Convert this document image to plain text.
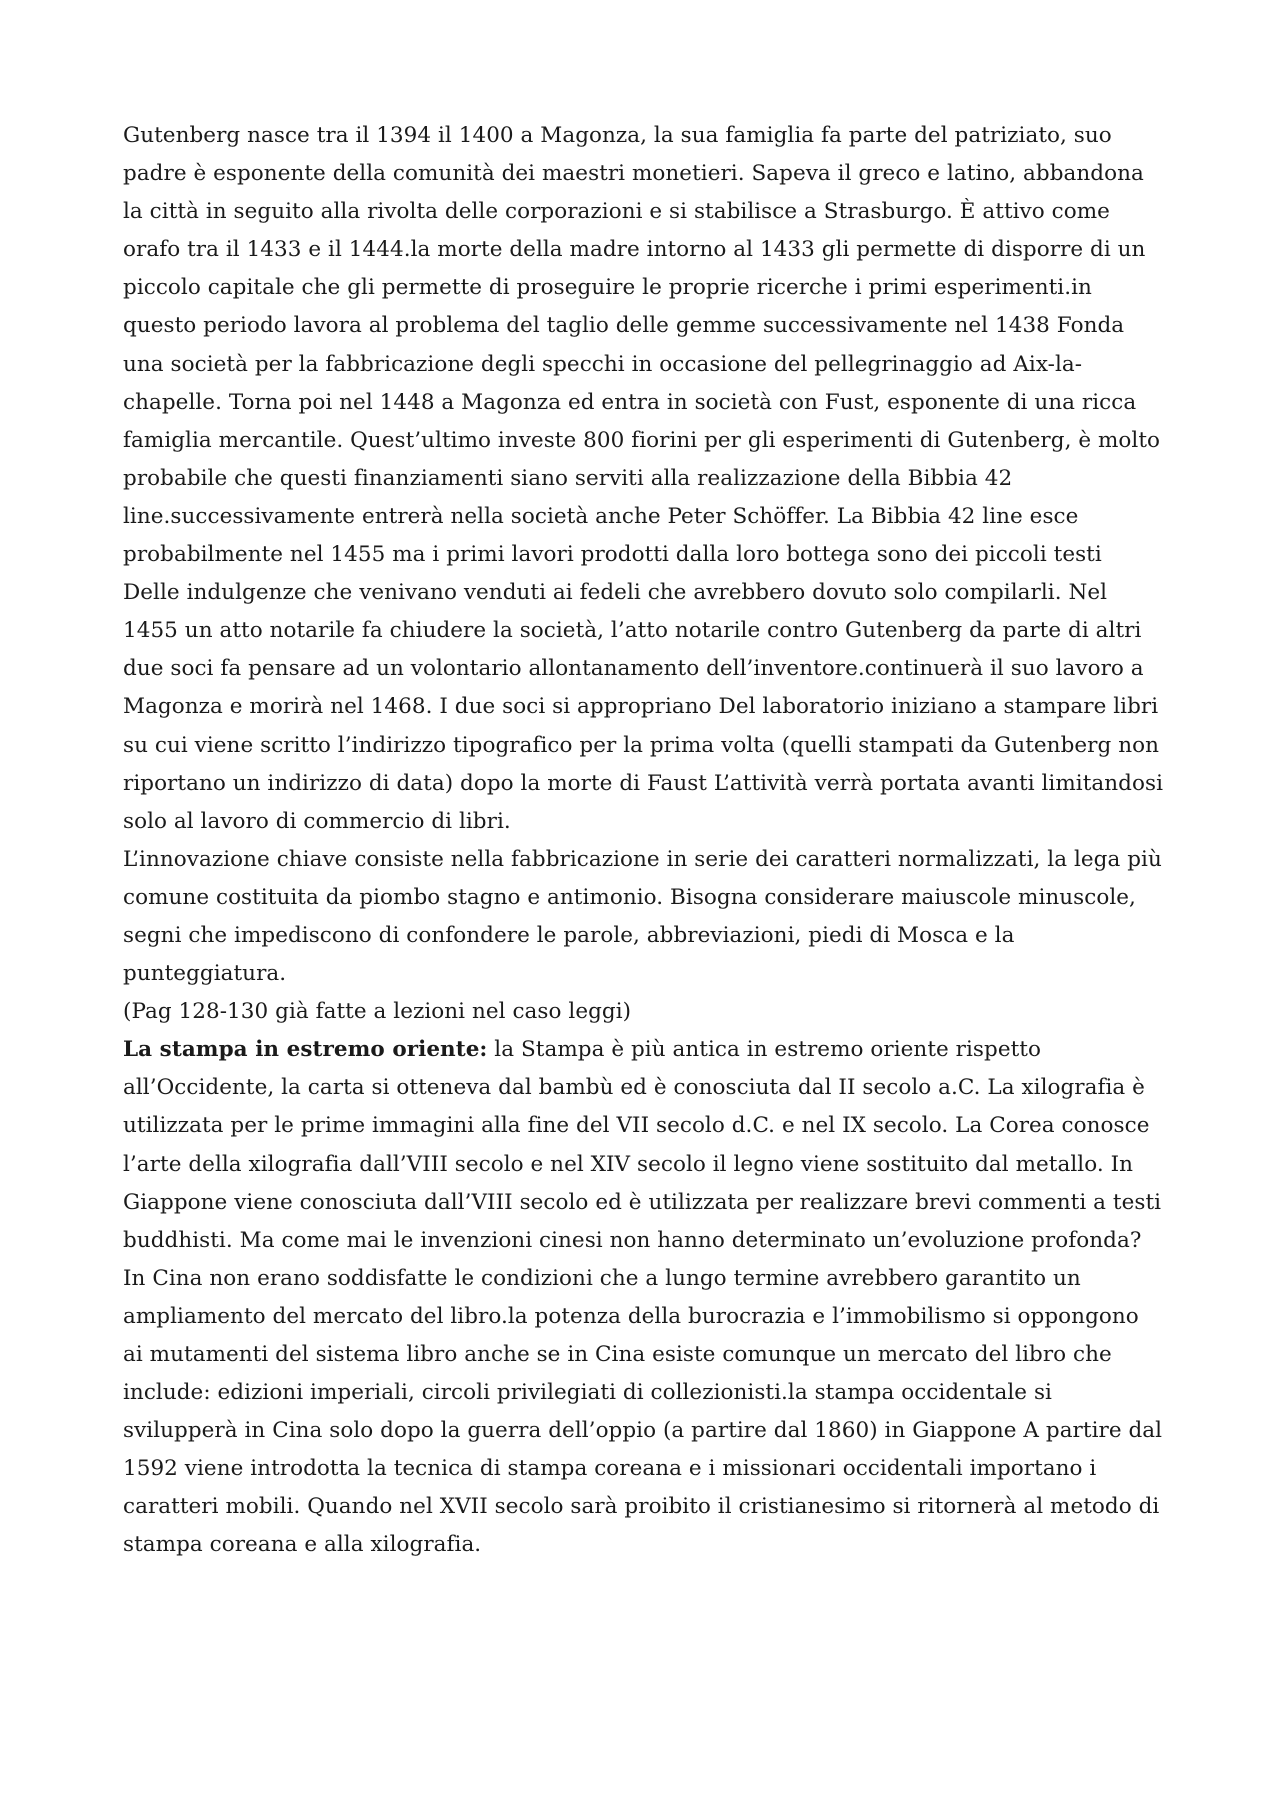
Gutenberg nasce tra il 1394 il 1400 a Magonza, la sua famiglia fa parte del patriziato, suo padre è esponente della comunità dei maestri monetieri. Sapeva il greco e latino, abbandona la città in seguito alla rivolta delle corporazioni e si stabilisce a Strasburgo. È attivo come orafo tra il 1433 e il 1444.la morte della madre intorno al 1433 gli permette di disporre di un piccolo capitale che gli permette di proseguire le proprie ricerche i primi esperimenti.in questo periodo lavora al problema del taglio delle gemme successivamente nel 1438 Fonda una società per la fabbricazione degli specchi in occasione del pellegrinaggio ad Aix-la-chapelle. Torna poi nel 1448 a Magonza ed entra in società con Fust, esponente di una ricca famiglia mercantile. Quest’ultimo investe 800 fiorini per gli esperimenti di Gutenberg, è molto probabile che questi finanziamenti siano serviti alla realizzazione della Bibbia 42 line.successivamente entrerà nella società anche Peter Schöffer. La Bibbia 42 line esce probabilmente nel 1455 ma i primi lavori prodotti dalla loro bottega sono dei piccoli testi Delle indulgenze che venivano venduti ai fedeli che avrebbero dovuto solo compilarli. Nel 1455 un atto notarile fa chiudere la società, l’atto notarile contro Gutenberg da parte di altri due soci fa pensare ad un volontario allontanamento dell’inventore.continuerà il suo lavoro a Magonza e morirà nel 1468. I due soci si appropriano Del laboratorio iniziano a stampare libri su cui viene scritto l’indirizzo tipografico per la prima volta (quelli stampati da Gutenberg non riportano un indirizzo di data) dopo la morte di Faust L’attività verrà portata avanti limitandosi solo al lavoro di commercio di libri.

L’innovazione chiave consiste nella fabbricazione in serie dei caratteri normalizzati, la lega più comune costituita da piombo stagno e antimonio. Bisogna considerare maiuscole minuscole, segni che impediscono di confondere le parole, abbreviazioni, piedi di Mosca e la punteggiatura.

(Pag 128-130 già fatte a lezioni nel caso leggi)

La stampa in estremo oriente: la Stampa è più antica in estremo oriente rispetto all’Occidente, la carta si otteneva dal bambù ed è conosciuta dal II secolo a.C. La xilografia è utilizzata per le prime immagini alla fine del VII secolo d.C. e nel IX secolo. La Corea conosce l’arte della xilografia dall’VIII secolo e nel XIV secolo il legno viene sostituito dal metallo. In Giappone viene conosciuta dall’VIII secolo ed è utilizzata per realizzare brevi commenti a testi buddhisti. Ma come mai le invenzioni cinesi non hanno determinato un’evoluzione profonda? In Cina non erano soddisfatte le condizioni che a lungo termine avrebbero garantito un ampliamento del mercato del libro.la potenza della burocrazia e l’immobilismo si oppongono ai mutamenti del sistema libro anche se in Cina esiste comunque un mercato del libro che include: edizioni imperiali, circoli privilegiati di collezionisti.la stampa occidentale si svilupperà in Cina solo dopo la guerra dell’oppio (a partire dal 1860) in Giappone A partire dal 1592 viene introdotta la tecnica di stampa coreana e i missionari occidentali importano i caratteri mobili. Quando nel XVII secolo sarà proibito il cristianesimo si ritornerà al metodo di stampa coreana e alla xilografia.
